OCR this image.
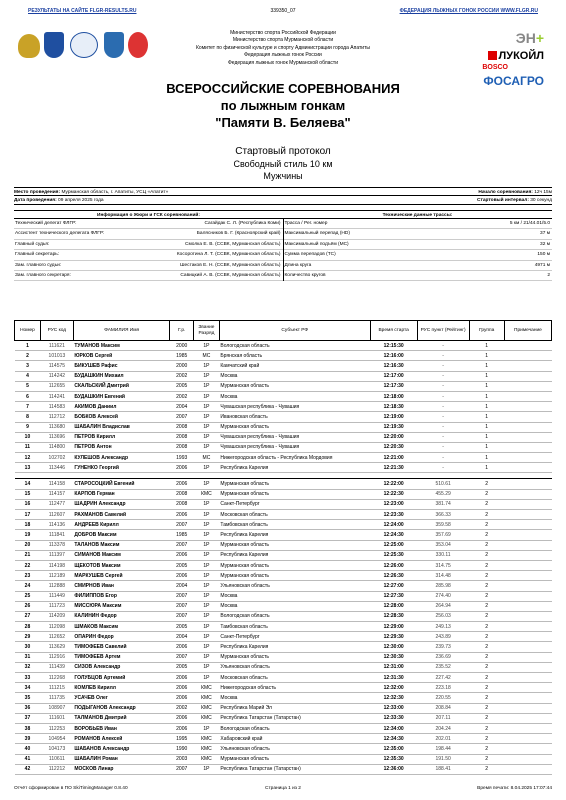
РЕЗУЛЬТАТЫ НА САЙТЕ FLGR-RESULTS.RU	339350_07	ФЕДЕРАЦИЯ ЛЫЖНЫХ ГОНОК РОССИИ WWW.FLGR.RU
Министерство спорта Российской Федерации
Министерство спорта Мурманской области
Комитет по физической культуре и спорту Администрации города Апатиты
Федерация лыжных гонок России
Федерация лыжных гонок Мурманской области
ЭН+
ЛУКОЙЛ
BOSCO
ФОСАГРО
ВСЕРОССИЙСКИЕ СОРЕВНОВАНИЯ
по лыжным гонкам
"Памяти В. Беляева"
Стартовый протокол
Свободный стиль 10 км
Мужчины
Место проведения: Мурманская область, г. Апатиты, УСЦ «Апатит»	Начало соревнования: 12ч 15м
Дата проведения: 09 апреля 2025 года	Стартовый интервал: 30 секунд
Информация о Жюри и ГСК соревнований:	Технические данные трассы:
Технический делегат ФЛГР:	Сагайдак С. Л. (Республика Коми)
Ассистент технического делегата ФЛГР:	Балясников Б. Г. (Красноярский край)
Главный судья:	Смолка Е. В. (ССВК, Мурманская область)
Главный секретарь:	Косоротина Л. Т. (ССВК, Мурманская область)
Зам. главного судьи:	Шестаков Е. Н. (ССВК, Мурманская область)
Зам. главного секретаря:	Савицкий А. В. (ССВК, Мурманская область)
Трасса / Рег. номер	5 км / 21/44.01/5.0
Максимальный перепад (HD)	37 м
Максимальный подъём (MC)	32 м
Сумма перепадов (TC)	150 м
Длина круга	4971 м
Количество кругов	2
Номер	РУС код	ФАМИЛИЯ Имя	Г.р.	Звание Разряд	Субъект РФ	Время старта	РУС пункт (Рейтинг)	Группа	Примечание
1	111621	ТУМАНОВ Максим	2000	1Р	Вологодская область	12:15:30	-	1	
2	101013	ЮРКОВ Сергей	1985	МС	Брянская область	12:16:00	-	1	
3	114575	БИКУШЕВ Рафис	2000	1Р	Камчатский край	12:16:30	-	1	
4	114242	БУДАШКИН Михаил	2002	1Р	Москва	12:17:00	-	1	
5	112655	СКАЛЬСКИЙ Дмитрий	2005	1Р	Мурманская область	12:17:30	-	1	
6	114241	БУДАШКИН Евгений	2002	1Р	Москва	12:18:00	-	1	
7	114583	АКИМОВ Даниил	2004	1Р	Чувашская республика - Чувашия	12:18:30	-	1	
8	112712	БОБКОВ Алексей	2007	1Р	Ивановская область	12:19:00	-	1	
9	113680	ШАБАЛИН Владислав	2008	1Р	Мурманская область	12:19:30	-	1	
10	113696	ПЕТРОВ Кирилл	2008	1Р	Чувашская республика - Чувашия	12:20:00	-	1	
11	114800	ПЕТРОВ Антон	2008	1Р	Чувашская республика - Чувашия	12:20:30	-	1	
12	102702	КУЛЕШОВ Александр	1993	МС	Нижегородская область - Республика Мордовия	12:21:00	-	1	
13	113446	ГУНЕНКО Георгий	2006	1Р	Республика Карелия	12:21:30	-	1	

14	114158	СТАРОСОЦКИЙ Евгений	2006	1Р	Мурманская область	12:22:00	510.61	2	
15	114157	КАРПОВ Герман	2008	КМС	Мурманская область	12:22:30	455.29	2	
16	112477	ШАДРИН Александр	2008	1Р	Санкт-Петербург	12:23:00	381.74	2	
17	112607	РАХМАНОВ Савелий	2006	1Р	Московская область	12:23:30	366.33	2	
18	114136	АНДРЕЕВ Кирилл	2007	1Р	Тамбовская область	12:24:00	359.58	2	
19	111841	ДОБРОВ Максим	1985	1Р	Республика Карелия	12:24:30	357.69	2	
20	113378	ТАЛАНОВ Максим	2007	1Р	Мурманская область	12:25:00	353.04	2	
21	111397	СИМАНОВ Максим	2006	1Р	Республика Карелия	12:25:30	330.11	2	
22	114198	ЩЕКОТОВ Максим	2005	1Р	Мурманская область	12:26:00	314.75	2	
23	112189	МАРКУШЕВ Сергей	2006	1Р	Мурманская область	12:26:30	314.48	2	
24	112888	СМИРНОВ Иван	2004	1Р	Ульяновская область	12:27:00	285.98	2	
25	111449	ФИЛИППОВ Егор	2007	1Р	Москва	12:27:30	274.40	2	
26	111723	МИССЮРА Максим	2007	1Р	Москва	12:28:00	264.94	2	
27	114209	КАЛИНИН Федор	2007	1Р	Вологодская область	12:28:30	256.03	2	
28	112098	ШМАКОВ Максим	2005	1Р	Тамбовская область	12:29:00	249.13	2	
29	112652	ОПАРИН Федор	2004	1Р	Санкт-Петербург	12:29:30	243.89	2	
30	113629	ТИМОФЕЕВ Савелий	2006	1Р	Республика Карелия	12:30:00	239.73	2	
31	112916	ТИМОФЕЕВ Артем	2007	1Р	Мурманская область	12:30:30	236.69	2	
32	111439	СИЗОВ Александр	2005	1Р	Ульяновская область	12:31:00	235.52	2	
33	112268	ГОЛУБЦОВ Артемий	2006	1Р	Московская область	12:31:30	227.42	2	
34	111215	КОМЛЕВ Кирилл	2006	КМС	Нижегородская область	12:32:00	223.18	2	
35	111735	УСАЧЕВ Олег	2006	КМС	Москва	12:32:30	220.55	2	
36	108907	ПОДЫГАНОВ Александр	2002	КМС	Республика Марий Эл	12:33:00	208.84	2	
37	111601	ТАЛМАНОВ Дмитрий	2006	КМС	Республика Татарстан (Татарстан)	12:33:30	207.11	2	
38	112253	ВОРОБЬЕВ Иван	2006	1Р	Вологодская область	12:34:00	204.24	2	
39	104954	РОМАНОВ Алексей	1995	КМС	Хабаровский край	12:34:30	202.01	2	
40	104173	ШАБАНОВ Александр	1990	КМС	Ульяновская область	12:35:00	198.44	2	
41	110611	ШАБАЛИН Роман	2003	КМС	Мурманская область	12:35:30	191.50	2	
42	112212	МОСКОВ Линар	2007	1Р	Республика Татарстан (Татарстан)	12:36:00	188.41	2	
Отчёт сформирован в ПО SkiTimingManager 0.8.40	Страница 1 из 2	Время печати: 8.04.2025 17:07:44
